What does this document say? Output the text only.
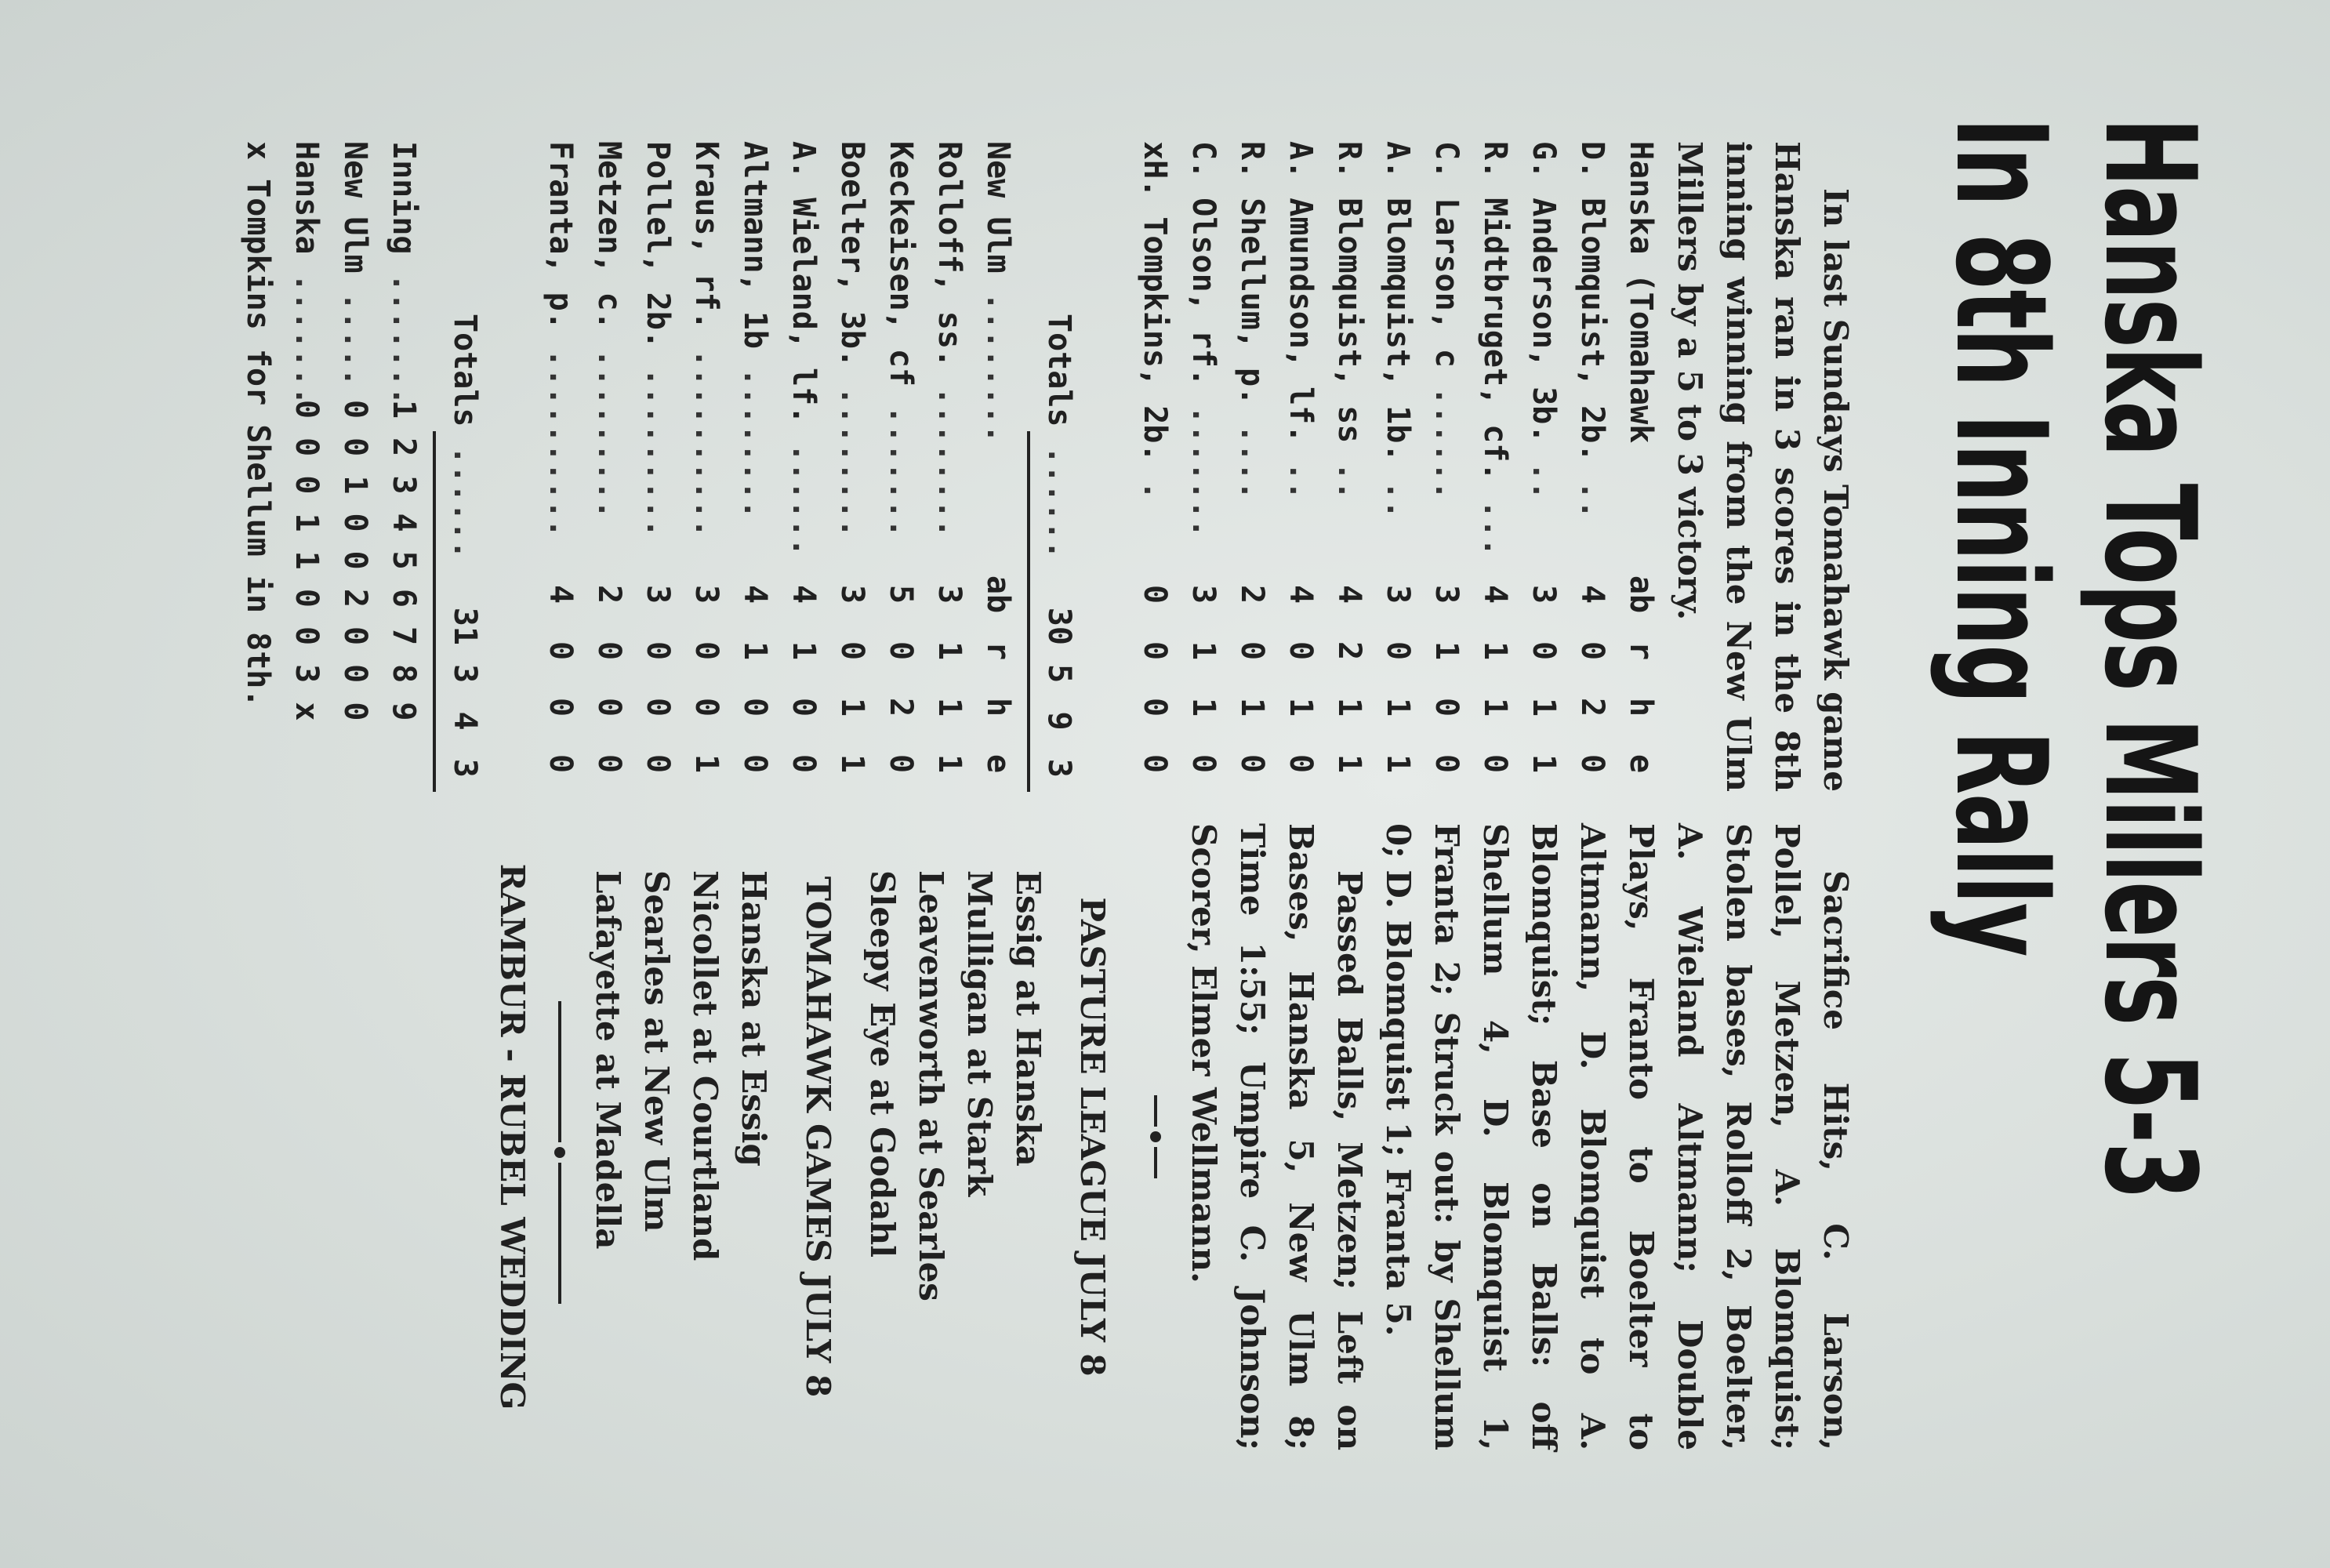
Hanska Tops Millers 5-3
In 8th Inning Rally

In last Sundays Tomahawk game Hanska ran in 3 scores in the 8th inning winning from the New Ulm Millers by a 5 to 3 victory.

Hanska (Tomahawk
ab
r
h
e
D. Blomquist, 2b. ..
4
0
2
0
G. Anderson, 3b. ..
3
0
1
1
R. Midtbruget, cf. ...
4
1
1
0
C. Larson, c ......
3
1
0
0
A. Blomquist, 1b. ..
3
0
1
1
R. Blomquist, ss ..
4
2
1
1
A. Amundson, lf. ..
4
0
1
0
R. Shellum, p. ....
2
0
1
0
C. Olson, rf. .......
3
1
1
0
xH. Tompkins, 2b. .
0
0
0
0
Totals ......
30
5
9
3
New Ulm ........
ab
r
h
e
Rolloff, ss. ........
3
1
1
1
Keckeisen, cf .......
5
0
2
0
Boelter, 3b. ........
3
0
1
1
A. Wieland, lf. ......
4
1
0
0
Altmann, 1b ........
4
1
0
0
Kraus, rf. ..........
3
0
0
1
Pollel, 2b. .........
3
0
0
0
Metzen, c. .........
2
0
0
0
Franta, p. ..........
4
0
0
0
Totals ......
31
3
4
3
Inning .......
1 2 3 4 5 6 7 8 9
New Ulm .....
0 0 1 0 0 2 0 0 0
Hanska .......
0 0 0 1 1 0 0 3 x
x Tompkins for Shellum in 8th.

Sacrifice Hits, C. Larson, Pollel, Metzen, A. Blomquist; Stolen bases, Rolloff 2, Boelter, A. Wieland Altmann; Double Plays, Franto to Boelter to Altmann, D. Blomquist to A. Blomquist; Base on Balls: off Shellum 4, D. Blomquist 1, Franta 2; Struck out: by Shellum 0; D. Blomquist 1; Franta 5.

Passed Balls, Metzen; Left on Bases, Hanska 5, New Ulm 8; Time 1:55; Umpire C. Johnson; Scorer, Elmer Wellmann.

PASTURE LEAGUE JULY 8
Essig at Hanska
Mulligan at Stark
Leavenworth at Searles
Sleepy Eye at Godahl
TOMAHAWK GAMES JULY 8
Hanska at Essig
Nicollet at Courtland
Searles at New Ulm
Lafayette at Madella
RAMBUR - RUBEL WEDDING
